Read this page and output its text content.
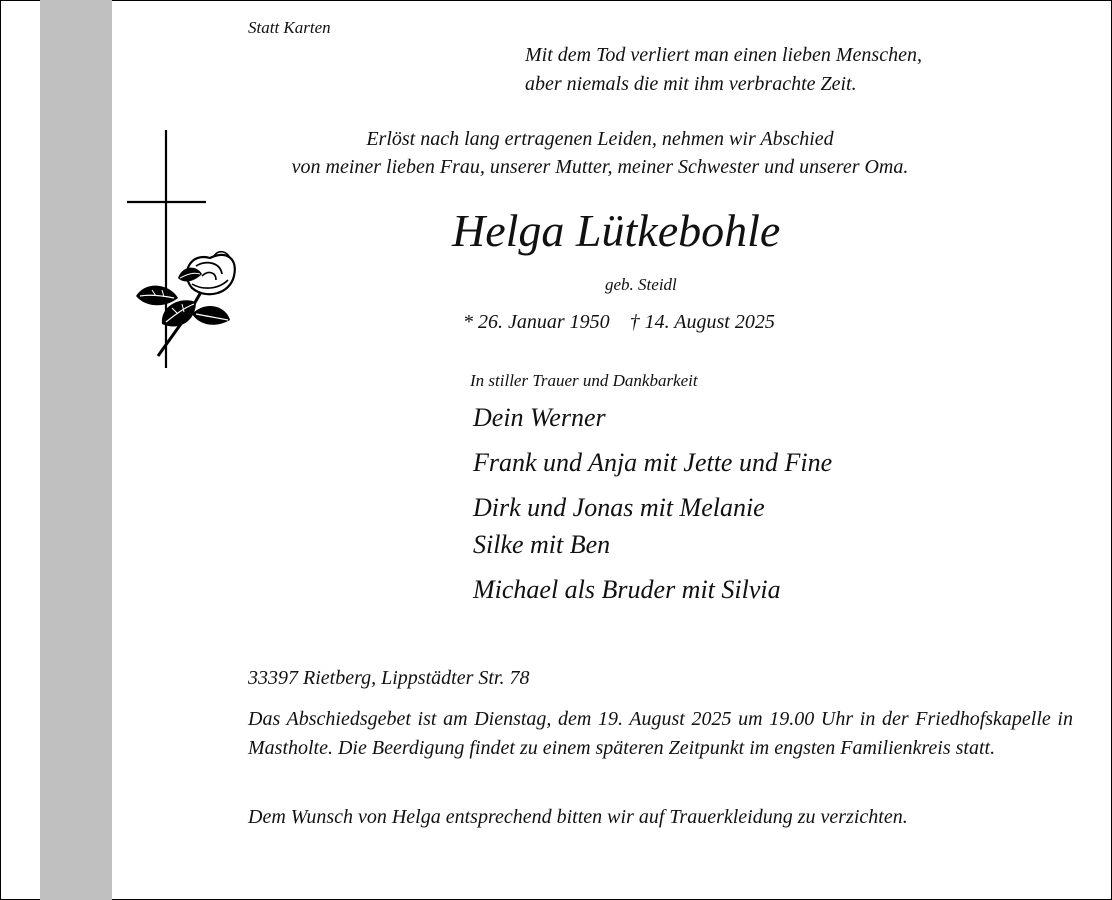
Statt Karten
Mit dem Tod verliert man einen lieben Menschen,
aber niemals die mit ihm verbrachte Zeit.
Erlöst nach lang ertragenen Leiden, nehmen wir Abschied
von meiner lieben Frau, unserer Mutter, meiner Schwester und unserer Oma.
Helga Lütkebohle
geb. Steidl
* 26. Januar 1950    † 14. August 2025
In stiller Trauer und Dankbarkeit
Dein Werner
Frank und Anja mit Jette und Fine
Dirk und Jonas mit Melanie
Silke mit Ben
Michael als Bruder mit Silvia
33397 Rietberg, Lippstädter Str. 78
Das Abschiedsgebet ist am Dienstag, dem 19. August 2025 um 19.00 Uhr in der Friedhofskapelle in Mastholte. Die Beerdigung findet zu einem späteren Zeitpunkt im engsten Familienkreis statt.
Dem Wunsch von Helga entsprechend bitten wir auf Trauerkleidung zu verzichten.
